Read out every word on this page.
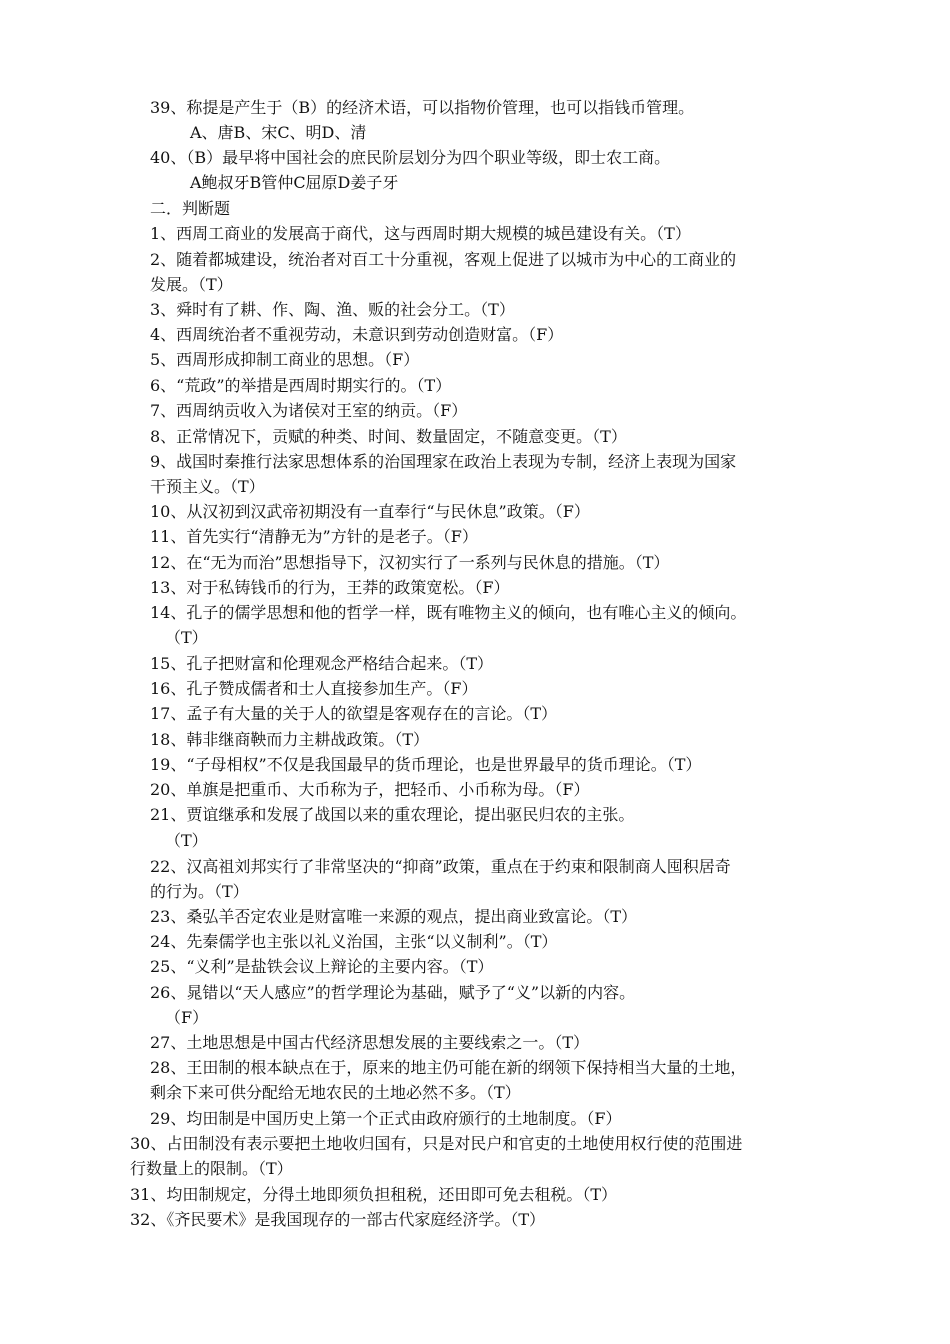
39、称提是产生于（B）的经济术语，可以指物价管理，也可以指钱币管理。
A、唐B、宋C、明D、清
40、（B）最早将中国社会的庶民阶层划分为四个职业等级，即士农工商。
A鲍叔牙B管仲C屈原D姜子牙
二．判断题
1、西周工商业的发展高于商代，这与西周时期大规模的城邑建设有关。（T）
2、随着都城建设，统治者对百工十分重视，客观上促进了以城市为中心的工商业的
发展。（T）
3、舜时有了耕、作、陶、渔、贩的社会分工。（T）
4、西周统治者不重视劳动，未意识到劳动创造财富。（F）
5、西周形成抑制工商业的思想。（F）
6、“荒政”的举措是西周时期实行的。（T）
7、西周纳贡收入为诸侯对王室的纳贡。（F）
8、正常情况下，贡赋的种类、时间、数量固定，不随意变更。（T）
9、战国时秦推行法家思想体系的治国理家在政治上表现为专制，经济上表现为国家
干预主义。（T）
10、从汉初到汉武帝初期没有一直奉行“与民休息”政策。（F）
11、首先实行“清静无为”方针的是老子。（F）
12、在“无为而治”思想指导下，汉初实行了一系列与民休息的措施。（T）
13、对于私铸钱币的行为，王莽的政策宽松。（F）
14、孔子的儒学思想和他的哲学一样，既有唯物主义的倾向，也有唯心主义的倾向。
（T）
15、孔子把财富和伦理观念严格结合起来。（T）
16、孔子赞成儒者和士人直接参加生产。（F）
17、孟子有大量的关于人的欲望是客观存在的言论。（T）
18、韩非继商鞅而力主耕战政策。（T）
19、“子母相权”不仅是我国最早的货币理论，也是世界最早的货币理论。（T）
20、单旗是把重币、大币称为子，把轻币、小币称为母。（F）
21、贾谊继承和发展了战国以来的重农理论，提出驱民归农的主张。
（T）
22、汉高祖刘邦实行了非常坚决的“抑商”政策，重点在于约束和限制商人囤积居奇
的行为。（T）
23、桑弘羊否定农业是财富唯一来源的观点，提出商业致富论。（T）
24、先秦儒学也主张以礼义治国，主张“以义制利”。（T）
25、“义利”是盐铁会议上辩论的主要内容。（T）
26、晁错以“天人感应”的哲学理论为基础，赋予了“义”以新的内容。
（F）
27、土地思想是中国古代经济思想发展的主要线索之一。（T）
28、王田制的根本缺点在于，原来的地主仍可能在新的纲领下保持相当大量的土地，
剩余下来可供分配给无地农民的土地必然不多。（T）
29、均田制是中国历史上第一个正式由政府颁行的土地制度。（F）
30、占田制没有表示要把土地收归国有，只是对民户和官吏的土地使用权行使的范围进
行数量上的限制。（T）
31、均田制规定，分得土地即须负担租税，还田即可免去租税。（T）
32、《齐民要术》是我国现存的一部古代家庭经济学。（T）
